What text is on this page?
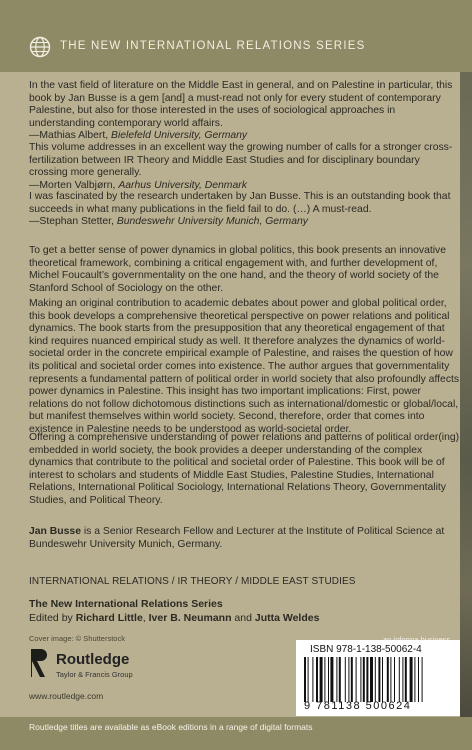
THE NEW INTERNATIONAL RELATIONS SERIES

In the vast field of literature on the Middle East in general, and on Palestine in particular, this book by Jan Busse is a gem [and] a must-read not only for every student of contemporary Palestine, but also for those interested in the uses of sociological approaches in understanding contemporary world affairs.

—Mathias Albert, Bielefeld University, Germany

This volume addresses in an excellent way the growing number of calls for a stronger cross-fertilization between IR Theory and Middle East Studies and for disciplinary boundary crossing more generally.

—Morten Valbjørn, Aarhus University, Denmark

I was fascinated by the research undertaken by Jan Busse. This is an outstanding book that succeeds in what many publications in the field fail to do. (…) A must-read.

—Stephan Stetter, Bundeswehr University Munich, Germany

To get a better sense of power dynamics in global politics, this book presents an innovative theoretical framework, combining a critical engagement with, and further development of, Michel Foucault’s governmentality on the one hand, and the theory of world society of the Stanford School of Sociology on the other.

Making an original contribution to academic debates about power and global political order, this book develops a comprehensive theoretical perspective on power relations and political dynamics. The book starts from the presupposition that any theoretical engagement of that kind requires nuanced empirical study as well. It therefore analyzes the dynamics of world-societal order in the concrete empirical example of Palestine, and raises the question of how its political and societal order comes into existence. The author argues that governmentality represents a fundamental pattern of political order in world society that also profoundly affects power dynamics in Palestine. This insight has two important implications: First, power relations do not follow dichotomous distinctions such as international/domestic or global/local, but manifest themselves within world society. Second, therefore, order that comes into existence in Palestine needs to be understood as world-societal order.

Offering a comprehensive understanding of power relations and patterns of political order(ing) embedded in world society, the book provides a deeper understanding of the complex dynamics that contribute to the political and societal order of Palestine. This book will be of interest to scholars and students of Middle East Studies, Palestine Studies, International Relations, International Political Sociology, International Relations Theory, Governmentality Studies, and Political Theory.

Jan Busse is a Senior Research Fellow and Lecturer at the Institute of Political Science at Bundeswehr University Munich, Germany.

INTERNATIONAL RELATIONS / IR THEORY / MIDDLE EAST STUDIES
The New International Relations Series
Edited by Richard Little, Iver B. Neumann and Jutta Weldes
Cover image: © Shutterstock
Routledge
Taylor & Francis Group
www.routledge.com
ISBN 978-1-138-50062-4
9 781138 500624
Routledge titles are available as eBook editions in a range of digital formats
